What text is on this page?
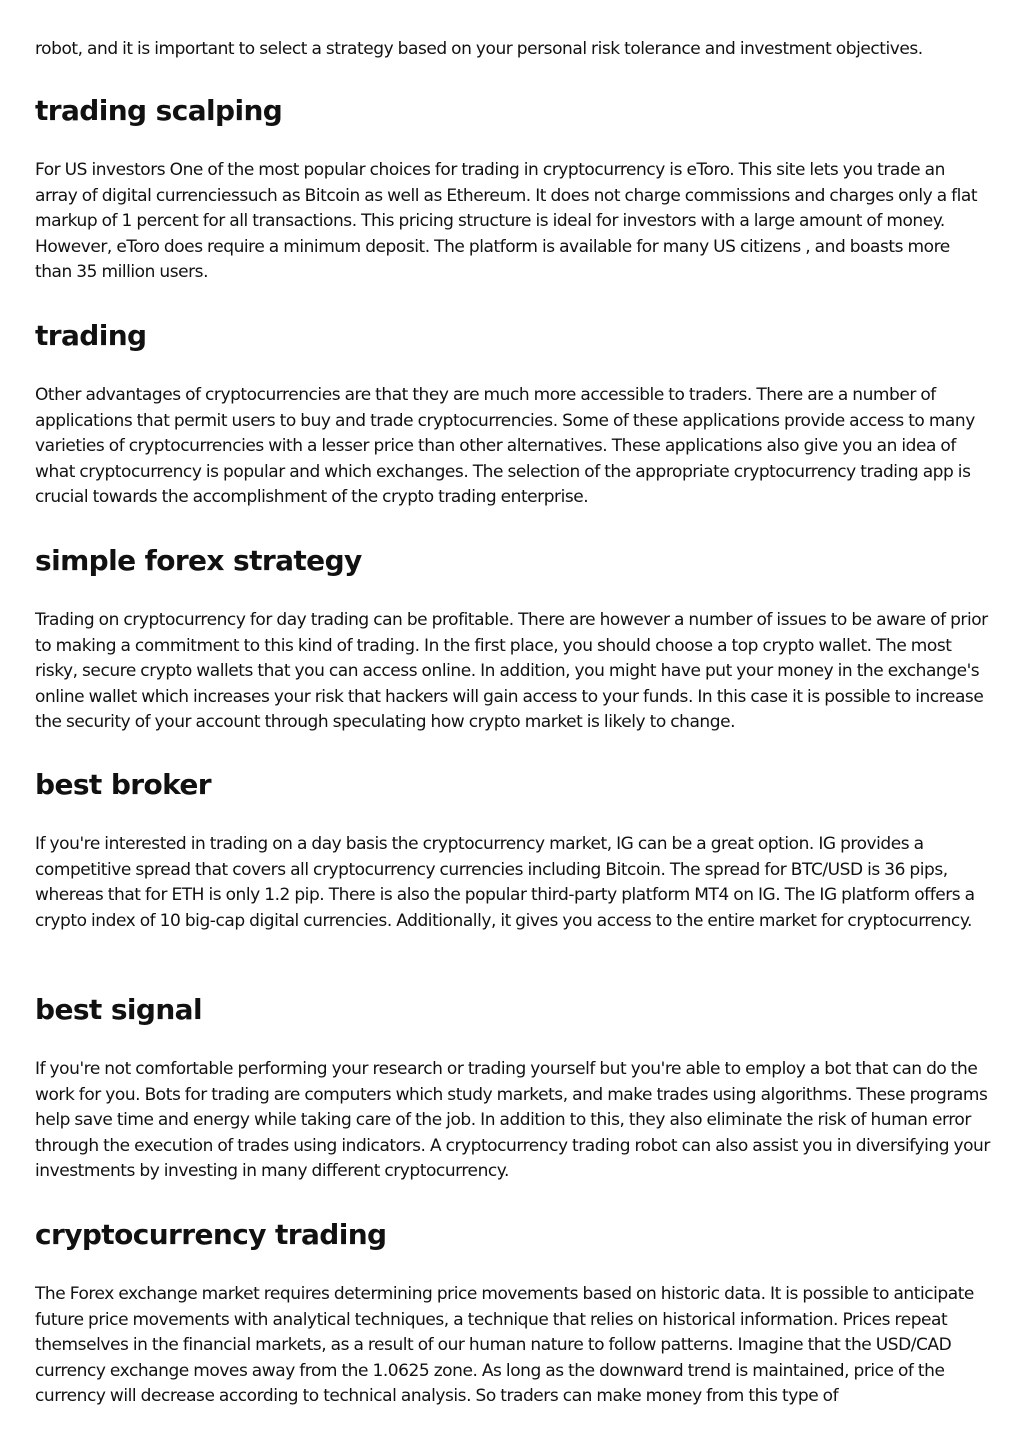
robot, and it is important to select a strategy based on your personal risk tolerance and investment objectives.

trading scalping

For US investors One of the most popular choices for trading in cryptocurrency is eToro. This site lets you trade an array of digital currenciessuch as Bitcoin as well as Ethereum. It does not charge commissions and charges only a flat markup of 1 percent for all transactions. This pricing structure is ideal for investors with a large amount of money. However, eToro does require a minimum deposit. The platform is available for many US citizens , and boasts more than 35 million users.

trading

Other advantages of cryptocurrencies are that they are much more accessible to traders. There are a number of applications that permit users to buy and trade cryptocurrencies. Some of these applications provide access to many varieties of cryptocurrencies with a lesser price than other alternatives. These applications also give you an idea of what cryptocurrency is popular and which exchanges. The selection of the appropriate cryptocurrency trading app is crucial towards the accomplishment of the crypto trading enterprise.

simple forex strategy

Trading on cryptocurrency for day trading can be profitable. There are however a number of issues to be aware of prior to making a commitment to this kind of trading. In the first place, you should choose a top crypto wallet. The most risky, secure crypto wallets that you can access online. In addition, you might have put your money in the exchange's online wallet which increases your risk that hackers will gain access to your funds. In this case it is possible to increase the security of your account through speculating how crypto market is likely to change.

best broker

If you're interested in trading on a day basis the cryptocurrency market, IG can be a great option. IG provides a competitive spread that covers all cryptocurrency currencies including Bitcoin. The spread for BTC/USD is 36 pips, whereas that for ETH is only 1.2 pip. There is also the popular third-party platform MT4 on IG. The IG platform offers a crypto index of 10 big-cap digital currencies. Additionally, it gives you access to the entire market for cryptocurrency.

best signal

If you're not comfortable performing your research or trading yourself but you're able to employ a bot that can do the work for you. Bots for trading are computers which study markets, and make trades using algorithms. These programs help save time and energy while taking care of the job. In addition to this, they also eliminate the risk of human error through the execution of trades using indicators. A cryptocurrency trading robot can also assist you in diversifying your investments by investing in many different cryptocurrency.

cryptocurrency trading

The Forex exchange market requires determining price movements based on historic data. It is possible to anticipate future price movements with analytical techniques, a technique that relies on historical information. Prices repeat themselves in the financial markets, as a result of our human nature to follow patterns. Imagine that the USD/CAD currency exchange moves away from the 1.0625 zone. As long as the downward trend is maintained, price of the currency will decrease according to technical analysis. So traders can make money from this type of
